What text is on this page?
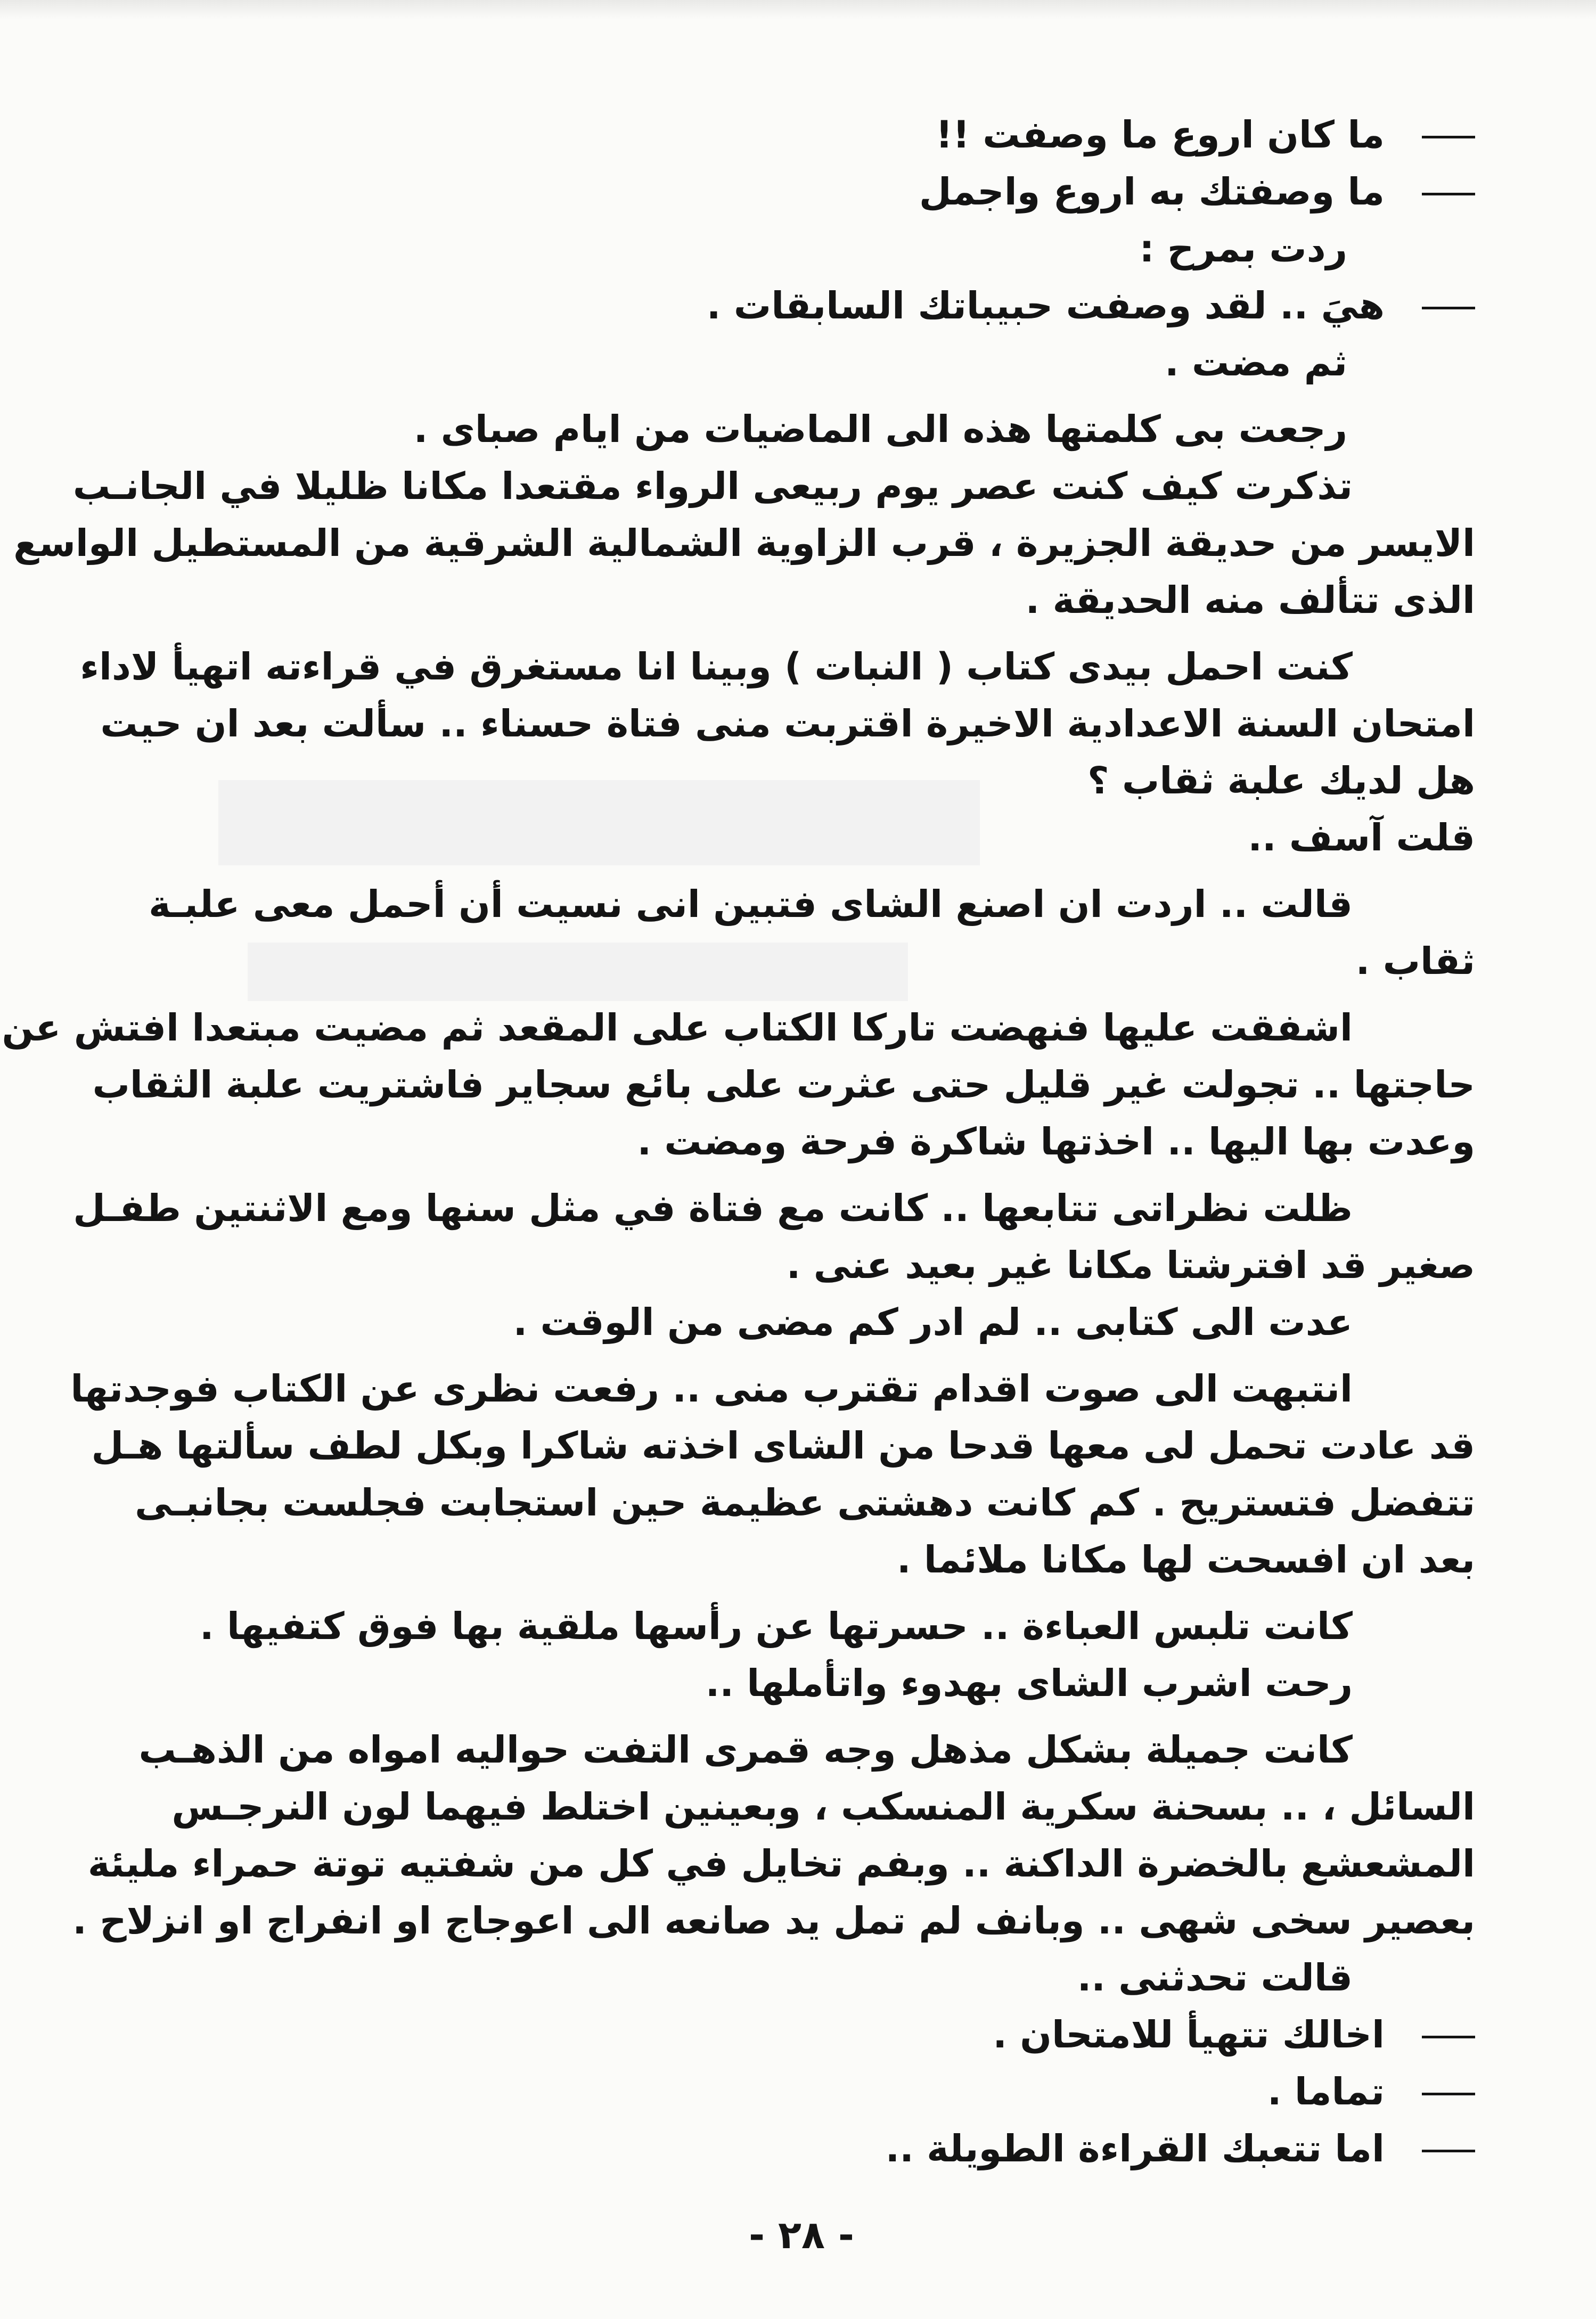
ما كان اروع ما وصفت !!
ما وصفتك به اروع واجمل
ردت بمرح :
هيَ .. لقد وصفت حبيباتك السابقات .
ثم مضت .
رجعت بى كلمتها هذه الى الماضيات من ايام صباى .
تذكرت كيف كنت عصر يوم ربيعى الرواء مقتعدا مكانا ظليلا في الجانـب
الايسر من حديقة الجزيرة ، قرب الزاوية الشمالية الشرقية من المستطيل الواسع
الذى تتألف منه الحديقة .
كنت احمل بيدى كتاب ( النبات ) وبينا انا مستغرق في قراءته اتهيأ لاداء
امتحان السنة الاعدادية الاخيرة اقتربت منى فتاة حسناء .. سألت بعد ان حيت
هل لديك علبة ثقاب ؟
قلت آسف ..
قالت .. اردت ان اصنع الشاى فتبين انى نسيت أن أحمل معى علبـة
ثقاب .
اشفقت عليها فنهضت تاركا الكتاب على المقعد ثم مضيت مبتعدا افتش عن
حاجتها .. تجولت غير قليل حتى عثرت على بائع سجاير فاشتريت علبة الثقاب
وعدت بها اليها .. اخذتها شاكرة فرحة ومضت .
ظلت نظراتى تتابعها .. كانت مع فتاة في مثل سنها ومع الاثنتين طفـل
صغير قد افترشتا مكانا غير بعيد عنى .
عدت الى كتابى .. لم ادر كم مضى من الوقت .
انتبهت الى صوت اقدام تقترب منى .. رفعت نظرى عن الكتاب فوجدتها
قد عادت تحمل لى معها قدحا من الشاى اخذته شاكرا وبكل لطف سألتها هـل
تتفضل فتستريح . كم كانت دهشتى عظيمة حين استجابت فجلست بجانبـى
بعد ان افسحت لها مكانا ملائما .
كانت تلبس العباءة .. حسرتها عن رأسها ملقية بها فوق كتفيها .
رحت اشرب الشاى بهدوء واتأملها ..
كانت جميلة بشكل مذهل وجه قمرى التفت حواليه امواه من الذهـب
السائل ، .. بسحنة سكرية المنسكب ، وبعينين اختلط فيهما لون النرجـس
المشعشع بالخضرة الداكنة .. وبفم تخايل في كل من شفتيه توتة حمراء مليئة
بعصير سخى شهى .. وبانف لم تمل يد صانعه الى اعوجاج او انفراج او انزلاح .
قالت تحدثنى ..
اخالك تتهيأ للامتحان .
تماما .
اما تتعبك القراءة الطويلة ..
- ٢٨ -
